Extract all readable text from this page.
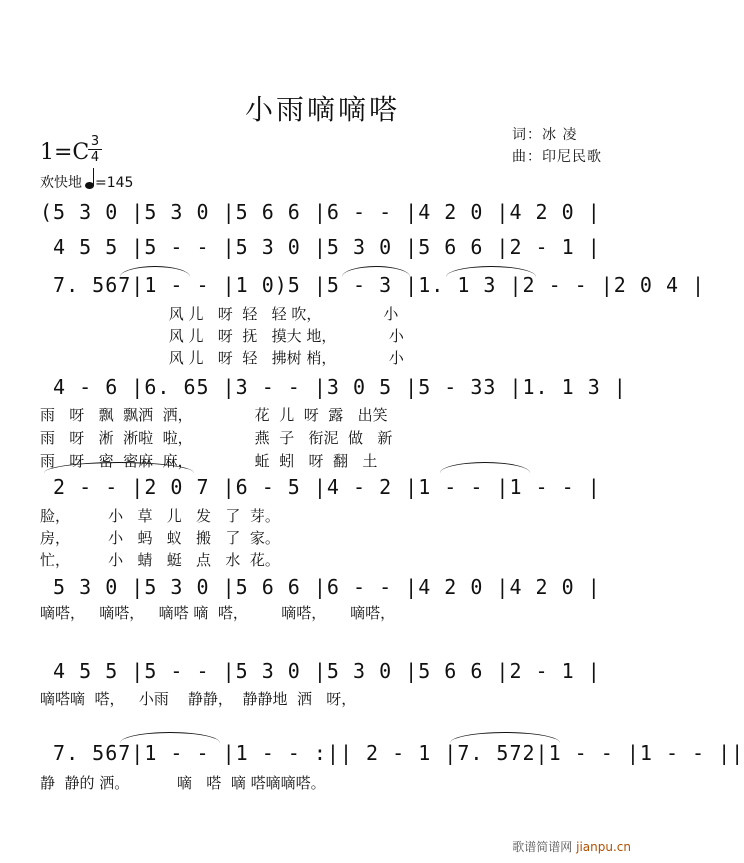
小雨嘀嘀嗒
词：冰 凌
曲：印尼民歌
1=C 3
4
欢快地 =145

(5 3 0 |5 3 0 |5 6 6 |6 - - |4 2 0 |4 2 0 |

4 5 5 |5 - - |5 3 0 |5 3 0 |5 6 6 |2 - 1 |

7. 567|1 - - |1 0)5 |5 - 3 |1. 1 3 |2 - - |2 0 4 |

风 儿   呀  轻   轻 吹，             小
风 儿   呀  抚   摸大 地，           小
风 儿   呀  轻   拂树 梢，           小

4 - 6 |6. 65 |3 - - |3 0 5 |5 - 33 |1. 1 3 |

雨   呀   飘  飘洒  洒，             花  儿  呀  露   出笑
雨   呀   淅  淅啦  啦，             燕  子   衔泥  做   新
雨   呀   密  密麻  麻，             蚯  蚓   呀  翻   土

2 - - |2 0 7 |6 - 5 |4 - 2 |1 - - |1 - - |

脸，        小   草   儿   发   了  芽。
房，        小   蚂   蚁   搬   了  家。
忙，        小   蜻   蜓   点   水  花。

5 3 0 |5 3 0 |5 6 6 |6 - - |4 2 0 |4 2 0 |

嘀嗒，   嘀嗒，   嘀嗒 嘀  嗒，       嘀嗒，     嘀嗒，

4 5 5 |5 - - |5 3 0 |5 3 0 |5 6 6 |2 - 1 |

嘀嗒嘀  嗒，   小雨    静静，  静静地  洒   呀，

7. 567|1 - - |1 - - :|| 2 - 1 |7. 572|1 - - |1 - - ||

静  静的 洒。          嘀   嗒  嘀 嗒嘀嘀嗒。
歌谱简谱网 jianpu.cn
